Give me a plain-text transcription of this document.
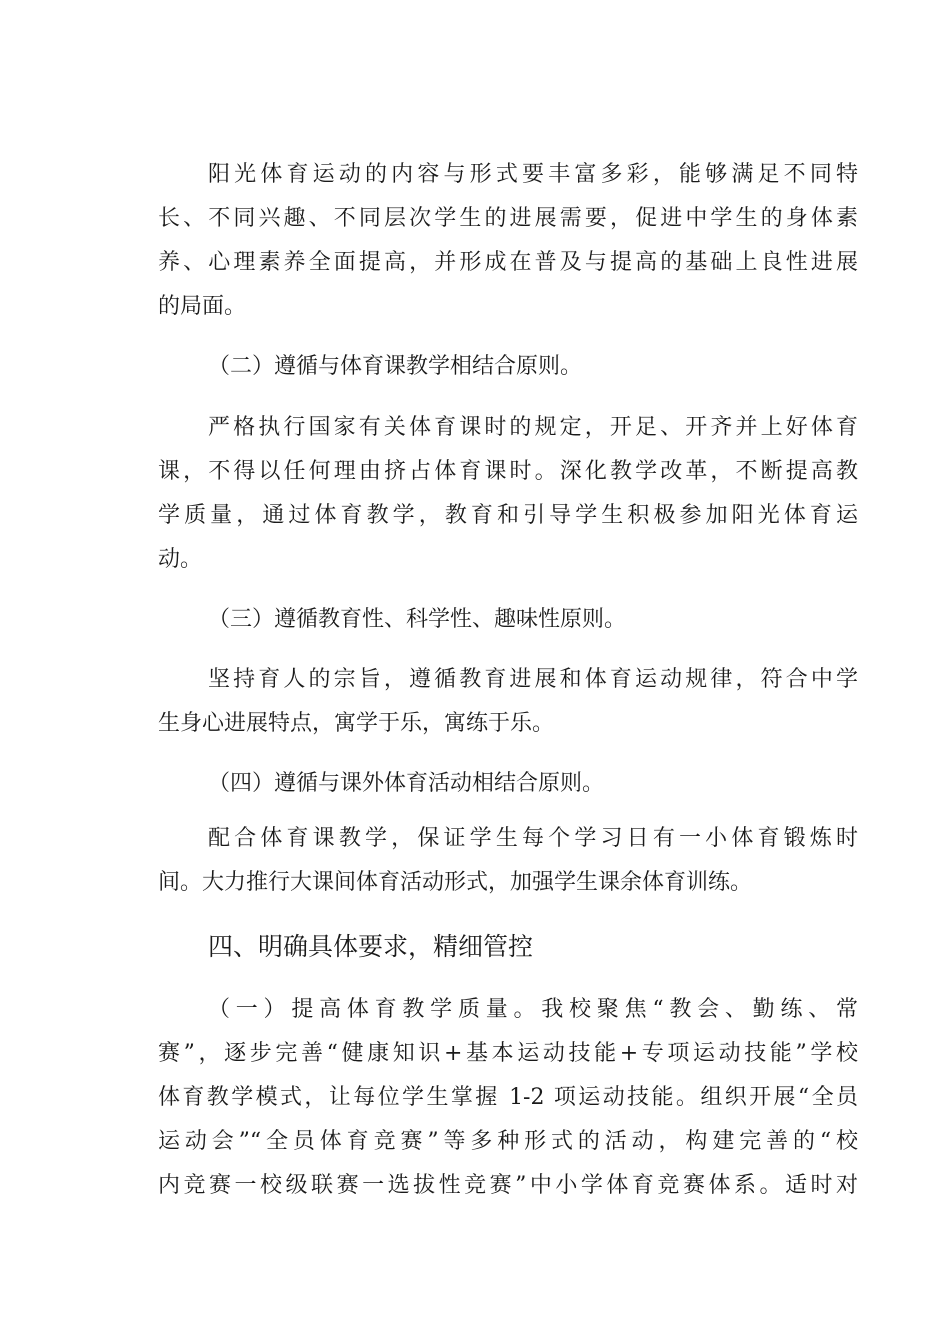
阳光体育运动的内容与形式要丰富多彩，能够满足不同特
长、不同兴趣、不同层次学生的进展需要，促进中学生的身体素
养、心理素养全面提高，并形成在普及与提高的基础上良性进展
的局面。
（二）遵循与体育课教学相结合原则。
严格执行国家有关体育课时的规定，开足、开齐并上好体育
课，不得以任何理由挤占体育课时。深化教学改革，不断提高教
学质量，通过体育教学，教育和引导学生积极参加阳光体育运
动。
（三）遵循教育性、科学性、趣味性原则。
坚持育人的宗旨，遵循教育进展和体育运动规律，符合中学
生身心进展特点，寓学于乐，寓练于乐。
（四）遵循与课外体育活动相结合原则。
配合体育课教学，保证学生每个学习日有一小体育锻炼时
间。大力推行大课间体育活动形式，加强学生课余体育训练。
四、明确具体要求，精细管控
（一）提高体育教学质量。我校聚焦“教会、勤练、常
赛”，逐步完善“健康知识+基本运动技能+专项运动技能”学校
体育教学模式，让每位学生掌握 1-2 项运动技能。组织开展“全员
运动会”“全员体育竞赛”等多种形式的活动，构建完善的“校
内竞赛一校级联赛一选拔性竞赛”中小学体育竞赛体系。适时对
